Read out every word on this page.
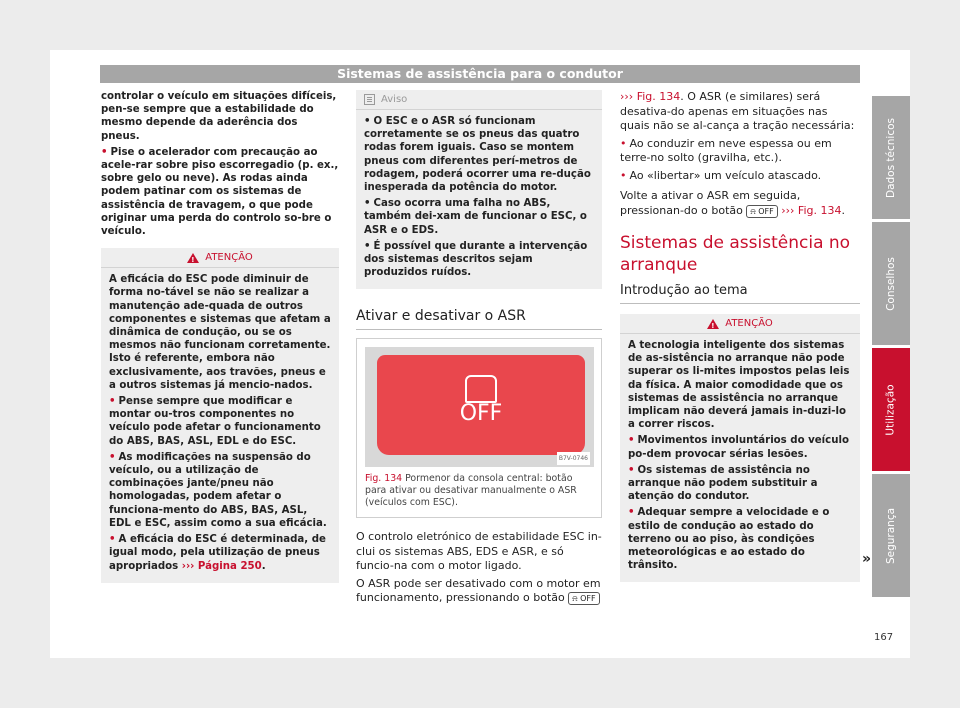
Sistemas de assistência para o condutor

controlar o veículo em situações difíceis, pen-se sempre que a estabilidade do mesmo depende da aderência dos pneus.

• Pise o acelerador com precaução ao acele-rar sobre piso escorregadio (p. ex., sobre gelo ou neve). As rodas ainda podem patinar com os sistemas de assistência de travagem, o que pode originar uma perda do controlo so-bre o veículo.

!
ATENÇÃO

A eficácia do ESC pode diminuir de forma no-tável se não se realizar a manutenção ade-quada de outros componentes e sistemas que afetam a dinâmica de condução, ou se os mesmos não funcionam corretamente. Isto é referente, embora não exclusivamente, aos travões, pneus e a outros sistemas já mencio-nados.

• Pense sempre que modificar e montar ou-tros componentes no veículo pode afetar o funcionamento do ABS, BAS, ASL, EDL e do ESC.

• As modificações na suspensão do veículo, ou a utilização de combinações jante/pneu não homologadas, podem afetar o funciona-mento do ABS, BAS, ASL, EDL e ESC, assim como a sua eficácia.

• A eficácia do ESC é determinada, de igual modo, pela utilização de pneus apropriados ››› Página 250.

Aviso

• O ESC e o ASR só funcionam corretamente se os pneus das quatro rodas forem iguais. Caso se montem pneus com diferentes perí-metros de rodagem, poderá ocorrer uma re-dução inesperada da potência do motor.

• Caso ocorra uma falha no ABS, também dei-xam de funcionar o ESC, o ASR e o EDS.

• É possível que durante a intervenção dos sistemas descritos sejam produzidos ruídos.

Ativar e desativar o ASR
OFF
B7V-0746
Fig. 134 Pormenor da consola central: botão para ativar ou desativar manualmente o ASR (veículos com ESC).

O controlo eletrónico de estabilidade ESC in-clui os sistemas ABS, EDS e ASR, e só funcio-na com o motor ligado.

O ASR pode ser desativado com o motor em funcionamento, pressionando o botão ⍾ OFF

››› Fig. 134. O ASR (e similares) será desativa-do apenas em situações nas quais não se al-cança a tração necessária:

• Ao conduzir em neve espessa ou em terre-no solto (gravilha, etc.).

• Ao «libertar» um veículo atascado.

Volte a ativar o ASR em seguida, pressionan-do o botão ⍾ OFF ››› Fig. 134.

Sistemas de assistência no arranque
Introdução ao tema
!
ATENÇÃO

A tecnologia inteligente dos sistemas de as-sistência no arranque não pode superar os li-mites impostos pelas leis da física. A maior comodidade que os sistemas de assistência no arranque implicam não deverá jamais in-duzi-lo a correr riscos.

• Movimentos involuntários do veículo po-dem provocar sérias lesões.

• Os sistemas de assistência no arranque não podem substituir a atenção do condutor.

• Adequar sempre a velocidade e o estilo de condução ao estado do terreno ou ao piso, às condições meteorológicas e ao estado do trânsito.	»

Dados técnicos
Conselhos
Utilização
Segurança
167
